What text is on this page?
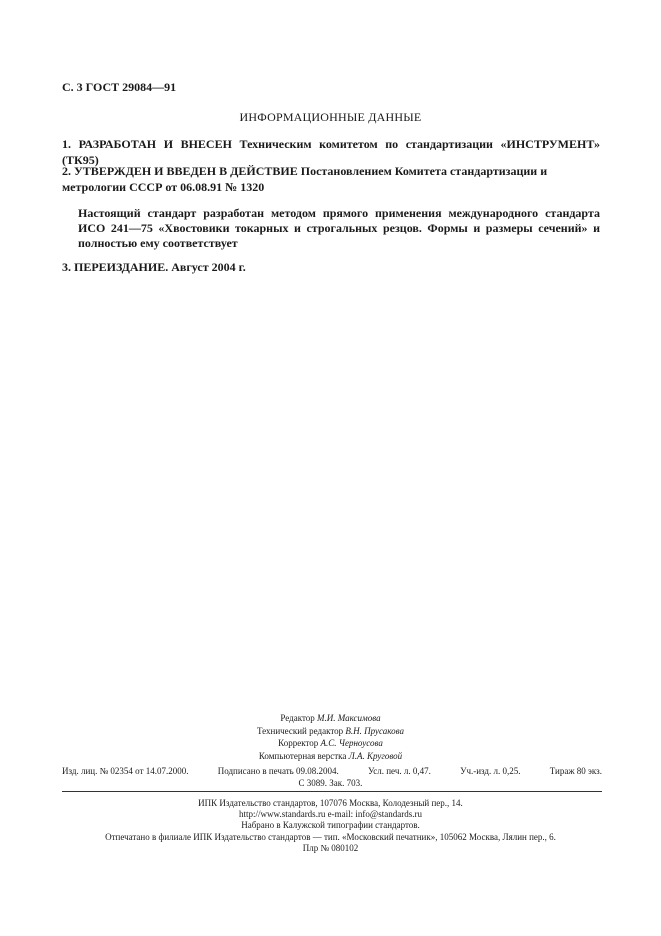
С. 3 ГОСТ 29084—91
ИНФОРМАЦИОННЫЕ ДАННЫЕ
1. РАЗРАБОТАН И ВНЕСЕН Техническим комитетом по стандартизации «ИНСТРУМЕНТ» (ТК95)
2. УТВЕРЖДЕН И ВВЕДЕН В ДЕЙСТВИЕ Постановлением Комитета стандартизации и метрологии СССР от 06.08.91 № 1320
Настоящий стандарт разработан методом прямого применения международного стандарта ИСО 241—75 «Хвостовики токарных и строгальных резцов. Формы и размеры сечений» и полностью ему соответствует
3. ПЕРЕИЗДАНИЕ. Август 2004 г.
Редактор М.И. Максимова
Технический редактор В.Н. Прусакова
Корректор А.С. Черноусова
Компьютерная верстка Л.А. Круговой
Изд. лиц. № 02354 от 14.07.2000.	Подписано в печать 09.08.2004.	Усл. печ. л. 0,47.	Уч.-изд. л. 0,25.	Тираж 80 экз.
С 3089. Зак. 703.
ИПК Издательство стандартов, 107076 Москва, Колодезный пер., 14.
http://www.standards.ru e-mail: info@standards.ru
Набрано в Калужской типографии стандартов.
Отпечатано в филиале ИПК Издательство стандартов — тип. «Московский печатник», 105062 Москва, Лялин пер., 6.
Плр № 080102
